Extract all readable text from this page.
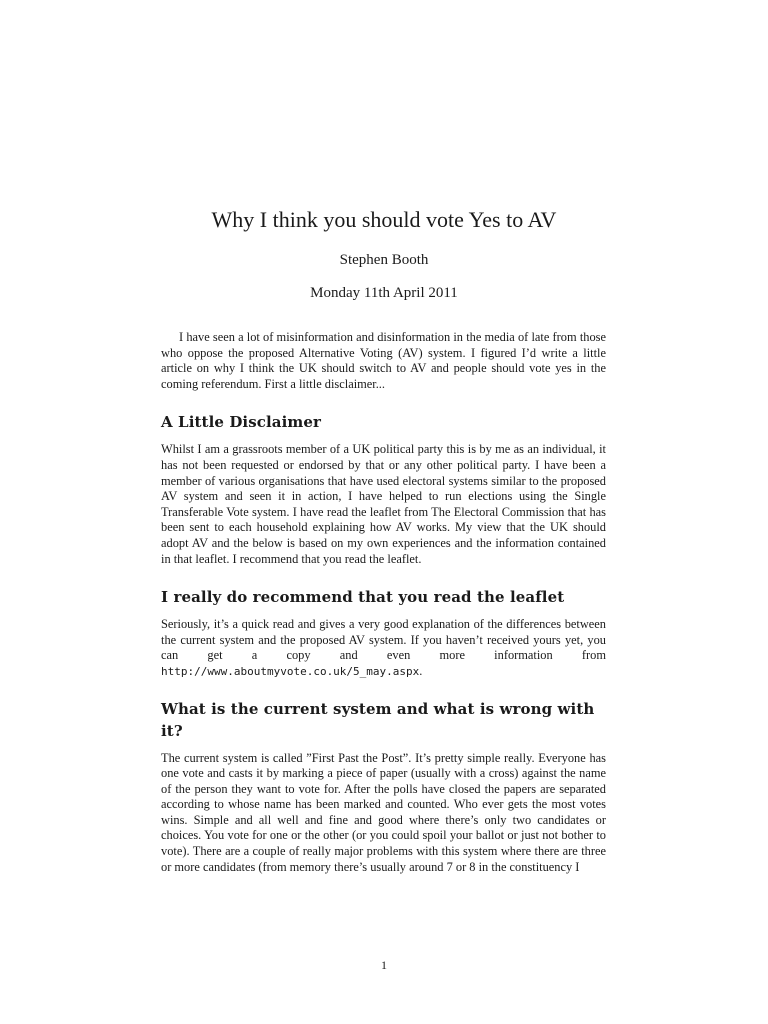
Why I think you should vote Yes to AV
Stephen Booth
Monday 11th April 2011

I have seen a lot of misinformation and disinformation in the media of late from those who oppose the proposed Alternative Voting (AV) system. I figured I’d write a little article on why I think the UK should switch to AV and people should vote yes in the coming referendum. First a little disclaimer...

A Little Disclaimer

Whilst I am a grassroots member of a UK political party this is by me as an individual, it has not been requested or endorsed by that or any other political party. I have been a member of various organisations that have used electoral systems similar to the proposed AV system and seen it in action, I have helped to run elections using the Single Transferable Vote system. I have read the leaflet from The Electoral Commission that has been sent to each household explaining how AV works. My view that the UK should adopt AV and the below is based on my own experiences and the information contained in that leaflet. I recommend that you read the leaflet.

I really do recommend that you read the leaflet

Seriously, it’s a quick read and gives a very good explanation of the differences between the current system and the proposed AV system. If you haven’t received yours yet, you can get a copy and even more information from http://www.aboutmyvote.co.uk/5_may.aspx.

What is the current system and what is wrong with it?

The current system is called ”First Past the Post”. It’s pretty simple really. Everyone has one vote and casts it by marking a piece of paper (usually with a cross) against the name of the person they want to vote for. After the polls have closed the papers are separated according to whose name has been marked and counted. Who ever gets the most votes wins. Simple and all well and fine and good where there’s only two candidates or choices. You vote for one or the other (or you could spoil your ballot or just not bother to vote). There are a couple of really major problems with this system where there are three or more candidates (from memory there’s usually around 7 or 8 in the constituency I

1
